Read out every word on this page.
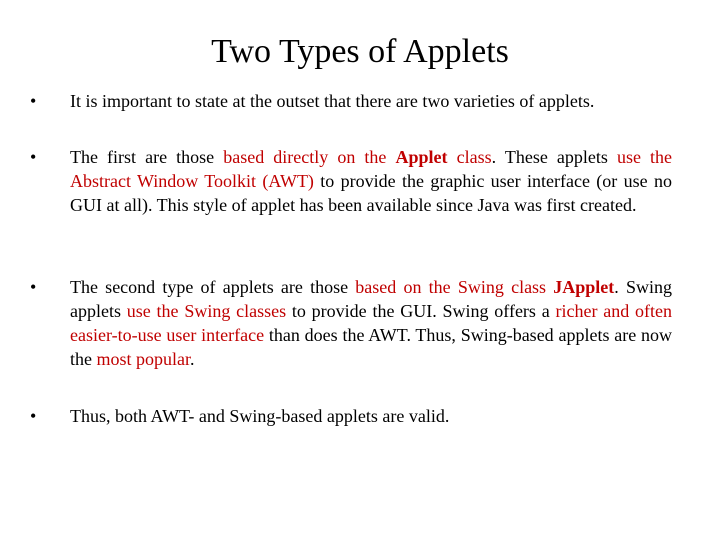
Two Types of Applets
• It is important to state at the outset that there are two varieties of applets.
• The first are those based directly on the Applet class. These applets use the Abstract Window Toolkit (AWT) to provide the graphic user interface (or use no GUI at all). This style of applet has been available since Java was first created.
• The second type of applets are those based on the Swing class JApplet. Swing applets use the Swing classes to provide the GUI. Swing offers a richer and often easier-to-use user interface than does the AWT. Thus, Swing-based applets are now the most popular.
• Thus, both AWT- and Swing-based applets are valid.
